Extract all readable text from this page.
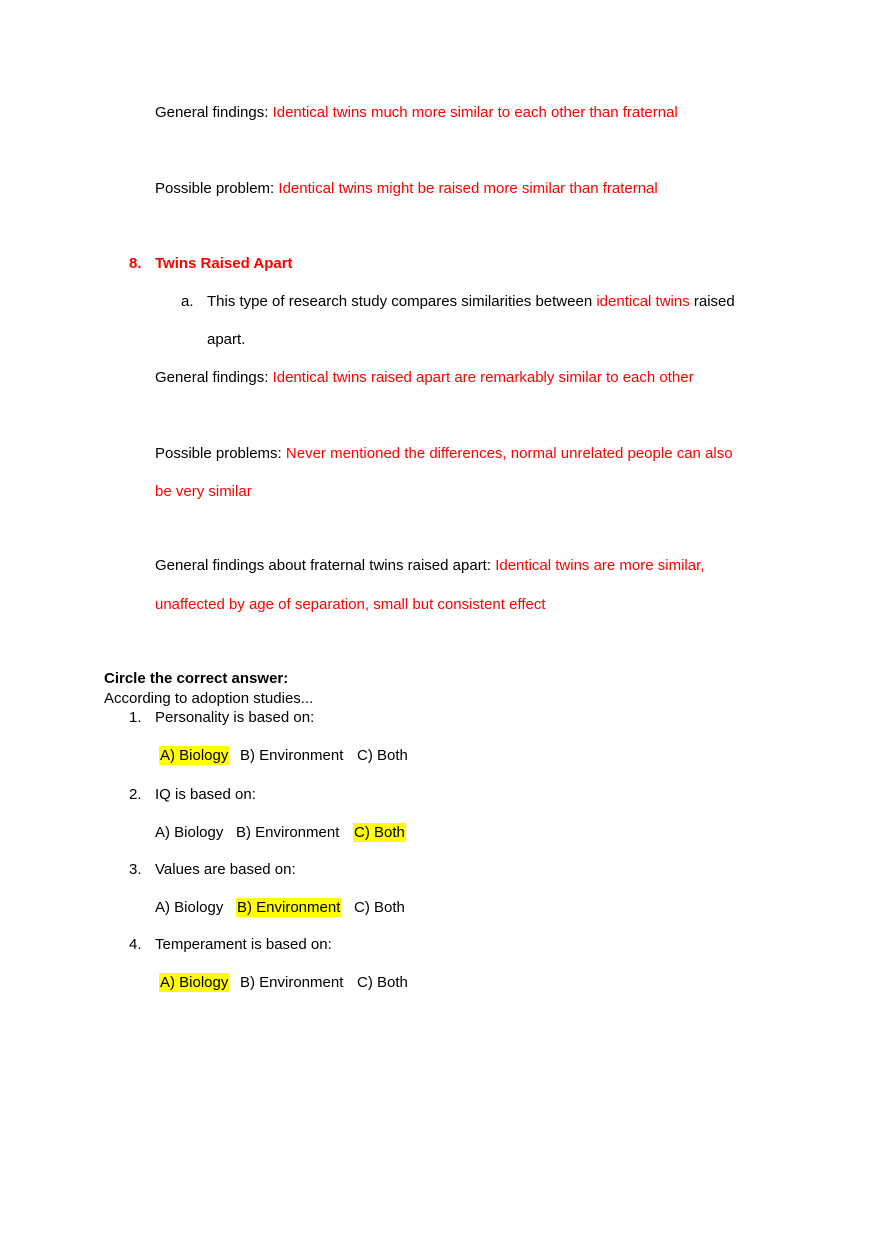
General findings: Identical twins much more similar to each other than fraternal
Possible problem: Identical twins might be raised more similar than fraternal
8. Twins Raised Apart
a. This type of research study compares similarities between identical twins raised
apart.
General findings: Identical twins raised apart are remarkably similar to each other
Possible problems: Never mentioned the differences, normal unrelated people can also
be very similar
General findings about fraternal twins raised apart: Identical twins are more similar,
unaffected by age of separation, small but consistent effect
Circle the correct answer:
According to adoption studies...
1. Personality is based on:
A) Biology B) Environment C) Both
2. IQ is based on:
A) Biology B) Environment C) Both
3. Values are based on:
A) Biology B) Environment C) Both
4. Temperament is based on:
A) Biology B) Environment C) Both
